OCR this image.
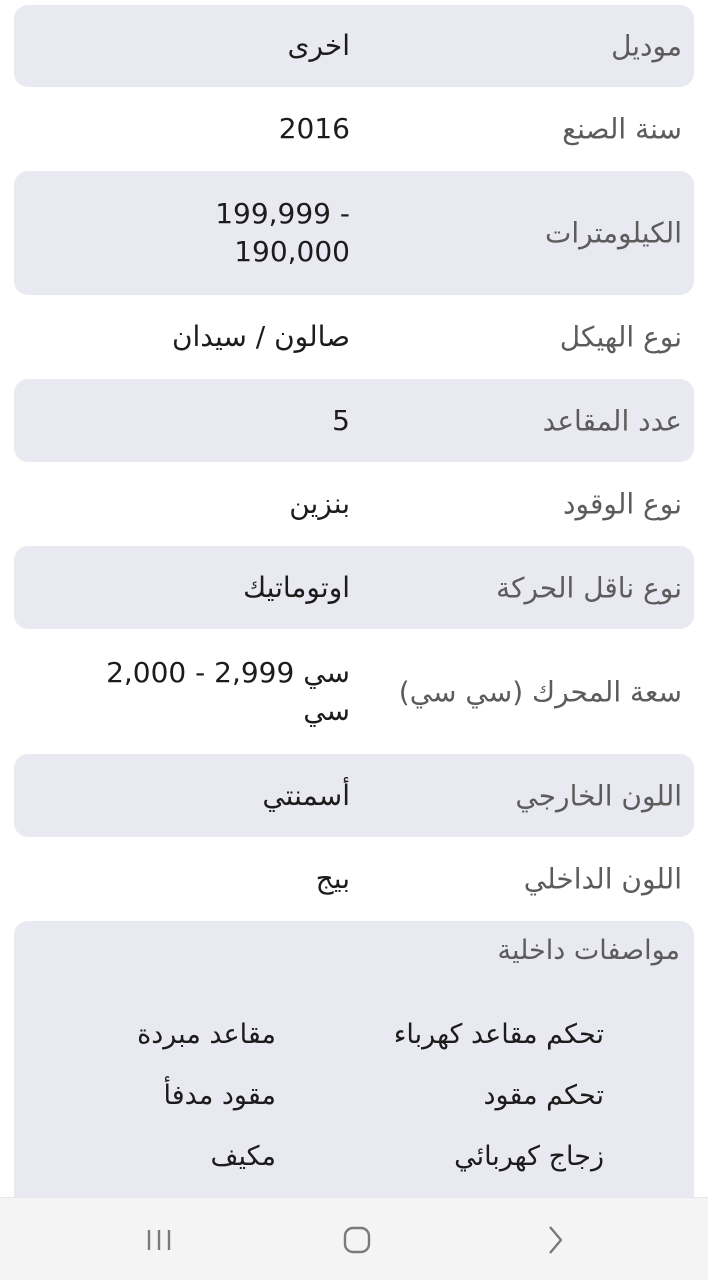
موديل
اخرى
سنة الصنع
2016
الكيلومترات
199,999 -
190,000
نوع الهيكل
صالون / سيدان
عدد المقاعد
5
نوع الوقود
بنزين
نوع ناقل الحركة
اوتوماتيك
سعة المحرك (سي سي)
2,000 - 2,999 سي
سي
اللون الخارجي
أسمنتي
اللون الداخلي
بيج
مواصفات داخلية
تحكم مقاعد كهرباء
مقاعد مبردة
تحكم مقود
مقود مدفأ
زجاج كهربائي
مكيف
